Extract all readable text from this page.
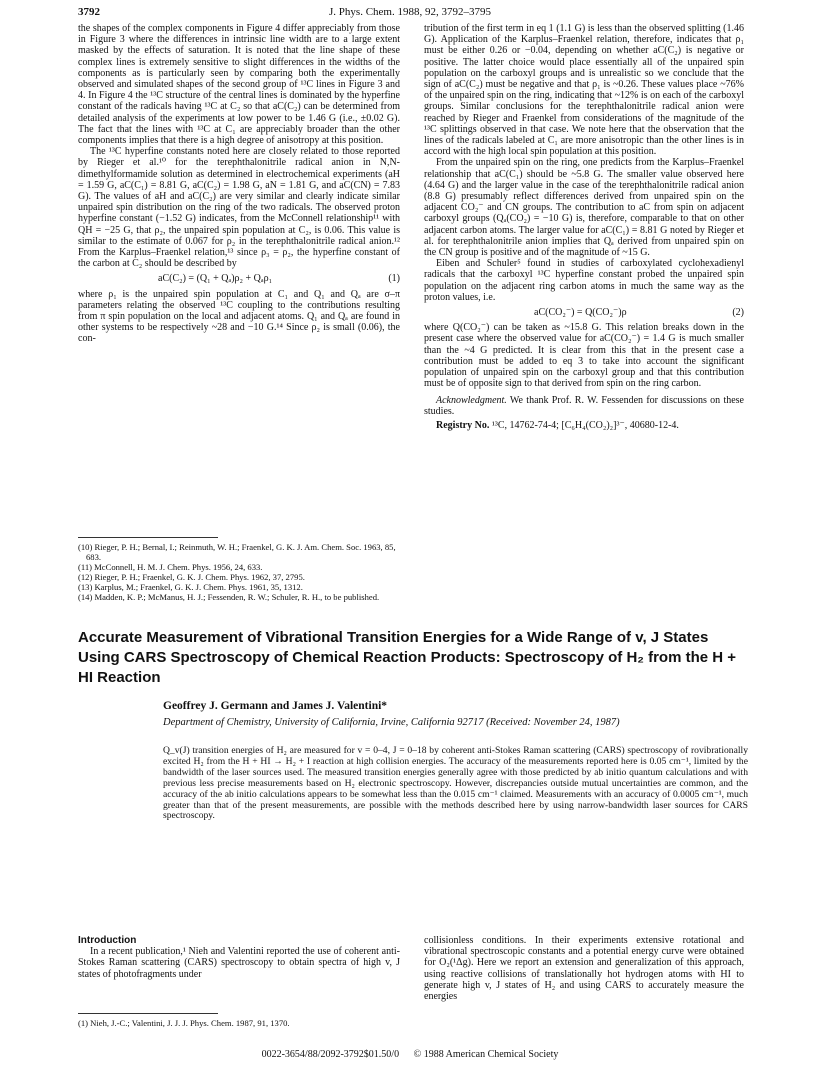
3792	J. Phys. Chem. 1988, 92, 3792–3795

the shapes of the complex components in Figure 4 differ appreciably from those in Figure 3 where the differences in intrinsic line width are to a large extent masked by the effects of saturation. It is noted that the line shape of these complex lines is extremely sensitive to slight differences in the widths of the components as is particularly seen by comparing both the experimentally observed and simulated shapes of the second group of ¹³C lines in Figure 3 and 4. In Figure 4 the ¹³C structure of the central lines is dominated by the hyperfine constant of the radicals having ¹³C at C₂ so that aC(C₂) can be determined from detailed analysis of the experiments at low power to be 1.46 G (i.e., ±0.02 G). The fact that the lines with ¹³C at C₁ are appreciably broader than the other components implies that there is a high degree of anisotropy at this position.

The ¹³C hyperfine constants noted here are closely related to those reported by Rieger et al.¹⁰ for the terephthalonitrile radical anion in N,N-dimethylformamide solution as determined in electrochemical experiments (aH = 1.59 G, aC(C₁) = 8.81 G, aC(C₂) = 1.98 G, aN = 1.81 G, and aC(CN) = 7.83 G). The values of aH and aC(C₂) are very similar and clearly indicate similar unpaired spin distribution on the ring of the two radicals. The observed proton hyperfine constant (−1.52 G) indicates, from the McConnell relationship¹¹ with QH = −25 G, that ρ₂, the unpaired spin population at C₂, is 0.06. This value is similar to the estimate of 0.067 for ρ₂ in the terephthalonitrile radical anion.¹² From the Karplus–Fraenkel relation,¹³ since ρ₃ = ρ₂, the hyperfine constant of the carbon at C₂ should be described by

aC(C₂) = (Q₁ + Qₐ)ρ₂ + Qₐρ₁	(1)

where ρ₁ is the unpaired spin population at C₁ and Q₁ and Qₐ are σ–π parameters relating the observed ¹³C coupling to the contributions resulting from π spin population on the local and adjacent atoms. Q₁ and Qₐ are found in other systems to be respectively ~28 and −10 G.¹⁴ Since ρ₂ is small (0.06), the con-

(10) Rieger, P. H.; Bernal, I.; Reinmuth, W. H.; Fraenkel, G. K. J. Am. Chem. Soc. 1963, 85, 683.
(11) McConnell, H. M. J. Chem. Phys. 1956, 24, 633.
(12) Rieger, P. H.; Fraenkel, G. K. J. Chem. Phys. 1962, 37, 2795.
(13) Karplus, M.; Fraenkel, G. K. J. Chem. Phys. 1961, 35, 1312.
(14) Madden, K. P.; McManus, H. J.; Fessenden, R. W.; Schuler, R. H., to be published.

tribution of the first term in eq 1 (1.1 G) is less than the observed splitting (1.46 G). Application of the Karplus–Fraenkel relation, therefore, indicates that ρ₁ must be either 0.26 or −0.04, depending on whether aC(C₂) is negative or positive. The latter choice would place essentially all of the unpaired spin population on the carboxyl groups and is unrealistic so we conclude that the sign of aC(C₂) must be negative and that ρ₁ is ~0.26. These values place ~76% of the unpaired spin on the ring, indicating that ~12% is on each of the carboxyl groups. Similar conclusions for the terephthalonitrile radical anion were reached by Rieger and Fraenkel from considerations of the magnitude of the ¹³C splittings observed in that case. We note here that the observation that the lines of the radicals labeled at C₁ are more anisotropic than the other lines is in accord with the high local spin population at this position.

From the unpaired spin on the ring, one predicts from the Karplus–Fraenkel relationship that aC(C₁) should be ~5.8 G. The smaller value observed here (4.64 G) and the larger value in the case of the terephthalonitrile radical anion (8.8 G) presumably reflect differences derived from unpaired spin on the adjacent CO₂⁻ and CN groups. The contribution to aC from spin on adjacent carboxyl groups (Qₐ(CO₂) = −10 G) is, therefore, comparable to that on other adjacent carbon atoms. The larger value for aC(C₁) = 8.81 G noted by Rieger et al. for terephthalonitrile anion implies that Qₐ derived from unpaired spin on the CN group is positive and of the magnitude of ~15 G.

Eiben and Schuler⁵ found in studies of carboxylated cyclohexadienyl radicals that the carboxyl ¹³C hyperfine constant probed the unpaired spin population on the adjacent ring carbon atoms in much the same way as the proton values, i.e.

aC(CO₂⁻) = Q(CO₂⁻)ρ	(2)

where Q(CO₂⁻) can be taken as ~15.8 G. This relation breaks down in the present case where the observed value for aC(CO₂⁻) = 1.4 G is much smaller than the ~4 G predicted. It is clear from this that in the present case a contribution must be added to eq 3 to take into account the significant population of unpaired spin on the carboxyl group and that this contribution must be of opposite sign to that derived from spin on the ring carbon.

Acknowledgment. We thank Prof. R. W. Fessenden for discussions on these studies.

Registry No. ¹³C, 14762-74-4; [C₆H₄(CO₂)₂]³⁻, 40680-12-4.

Accurate Measurement of Vibrational Transition Energies for a Wide Range of v, J States Using CARS Spectroscopy of Chemical Reaction Products: Spectroscopy of H₂ from the H + HI Reaction
Geoffrey J. Germann and James J. Valentini*
Department of Chemistry, University of California, Irvine, California 92717 (Received: November 24, 1987)
Q_v(J) transition energies of H₂ are measured for v = 0–4, J = 0–18 by coherent anti-Stokes Raman scattering (CARS) spectroscopy of rovibrationally excited H₂ from the H + HI → H₂ + I reaction at high collision energies. The accuracy of the measurements reported here is 0.05 cm⁻¹, limited by the bandwidth of the laser sources used. The measured transition energies generally agree with those predicted by ab initio quantum calculations and with previous less precise measurements based on H₂ electronic spectroscopy. However, discrepancies outside mutual uncertainties are common, and the accuracy of the ab initio calculations appears to be somewhat less than the 0.015 cm⁻¹ claimed. Measurements with an accuracy of 0.0005 cm⁻¹, much greater than that of the present measurements, are possible with the methods described here by using narrow-bandwidth laser sources for CARS spectroscopy.
Introduction

In a recent publication,¹ Nieh and Valentini reported the use of coherent anti-Stokes Raman scattering (CARS) spectroscopy to obtain spectra of high v, J states of photofragments under

collisionless conditions. In their experiments extensive rotational and vibrational spectroscopic constants and a potential energy curve were obtained for O₂(¹Δg). Here we report an extension and generalization of this approach, using reactive collisions of translationally hot hydrogen atoms with HI to generate high v, J states of H₂ and using CARS to accurately measure the energies

(1) Nieh, J.-C.; Valentini, J. J. J. Phys. Chem. 1987, 91, 1370.
0022-3654/88/2092-3792$01.50/0 © 1988 American Chemical Society
